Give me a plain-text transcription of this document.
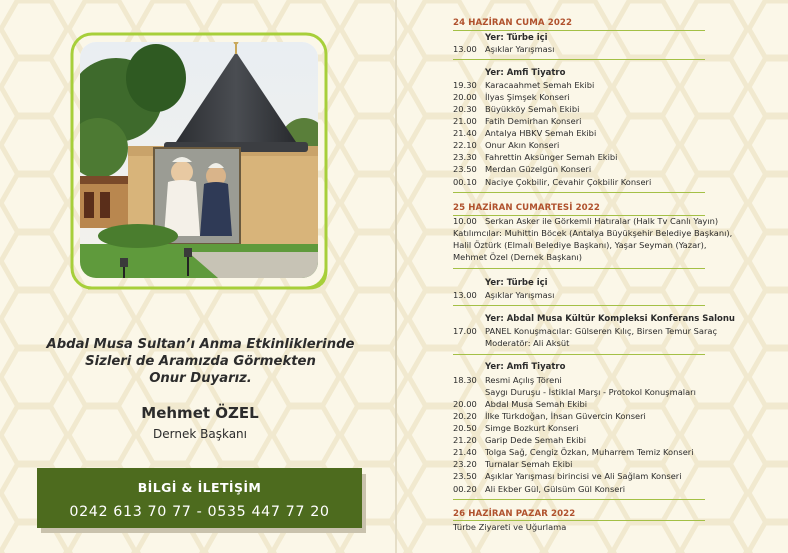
Abdal Musa Sultan’ı Anma Etkinliklerinde
Sizleri de Aramızda Görmekten
Onur Duyarız.
Mehmet ÖZEL
Dernek Başkanı
BİLGİ & İLETİŞİM
0242 613 70 77 - 0535 447 77 20
24 HAZİRAN CUMA 2022
Yer: Türbe içi
13.00 Aşıklar Yarışması
Yer: Amfi Tiyatro
19.30 Karacaahmet Semah Ekibi
20.00 İlyas Şimşek Konseri
20.30 Büyükköy Semah Ekibi
21.00 Fatih Demirhan Konseri
21.40 Antalya HBKV Semah Ekibi
22.10 Onur Akın Konseri
23.30 Fahrettin Aksünger Semah Ekibi
23.50 Merdan Güzelgün Konseri
00.10 Naciye Çokbilir, Cevahir Çokbilir Konseri
25 HAZİRAN CUMARTESİ 2022
10.00 Serkan Asker ile Görkemli Hatıralar (Halk Tv Canlı Yayın)
Katılımcılar: Muhittin Böcek (Antalya Büyükşehir Belediye Başkanı),
Halil Öztürk (Elmalı Belediye Başkanı), Yaşar Seyman (Yazar),
Mehmet Özel (Dernek Başkanı)
Yer: Türbe içi
13.00 Aşıklar Yarışması
Yer: Abdal Musa Kültür Kompleksi Konferans Salonu
17.00 PANEL Konuşmacılar: Gülseren Kılıç, Birsen Temur Saraç
Moderatör: Ali Aksüt
Yer: Amfi Tiyatro
18.30 Resmi Açılış Töreni
Saygı Duruşu - İstiklal Marşı - Protokol Konuşmaları
20.00 Abdal Musa Semah Ekibi
20.20 İlke Türkdoğan, İhsan Güvercin Konseri
20.50 Simge Bozkurt Konseri
21.20 Garip Dede Semah Ekibi
21.40 Tolga Sağ, Cengiz Özkan, Muharrem Temiz Konseri
23.20 Turnalar Semah Ekibi
23.50 Aşıklar Yarışması birincisi ve Ali Sağlam Konseri
00.20 Ali Ekber Gül, Gülsüm Gül Konseri
26 HAZİRAN PAZAR 2022
Türbe Ziyareti ve Uğurlama
